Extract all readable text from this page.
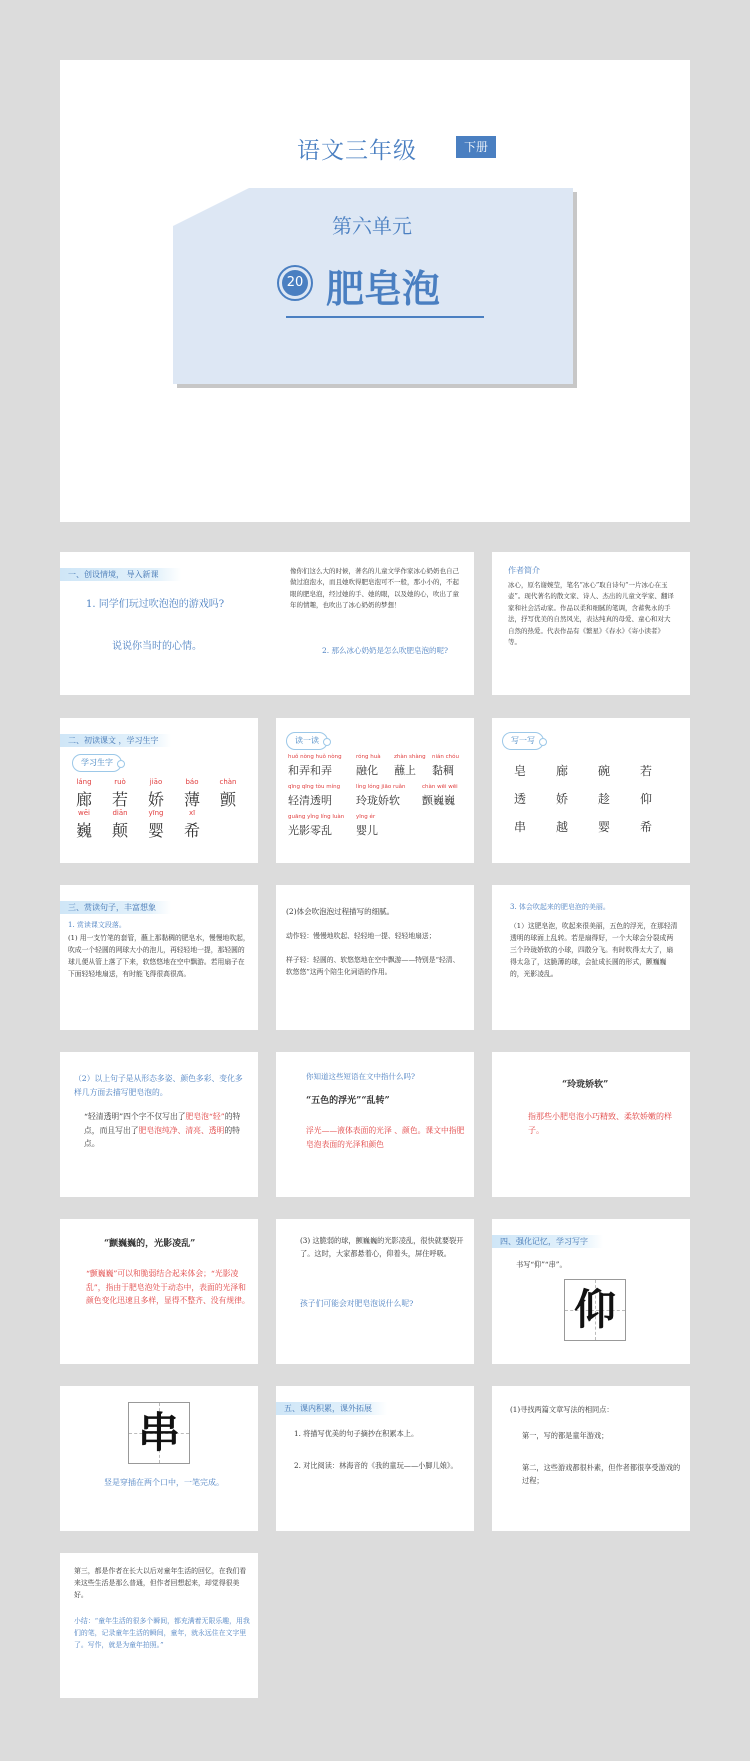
语文三年级	下册
第六单元
20 肥皂泡
一、创设情境， 导入新课
1. 同学们玩过吹泡泡的游戏吗?
说说你当时的心情。
像你们这么大的时候，著名的儿童文学作家冰心奶奶也自己做过泡泡水，而且她吹得肥皂泡可不一般，那小小的，不起眼的肥皂泡，经过她的手、她的眼，以及她的心，吹出了童年的情趣，也吹出了冰心奶奶的梦想！
2. 那么冰心奶奶是怎么吹肥皂泡的呢?
作者简介
冰心，原名谢婉莹，笔名“冰心”取自诗句“一片冰心在玉壶”。现代著名的散文家、诗人、杰出的儿童文学家、翻译家和社会活动家。作品以柔和细腻的笔调，含蓄隽永的手法，抒写优美的自然风光，表达纯真的母爱、童心和对大自然的热爱。代表作品有《繁星》《春水》《寄小读者》等。
二、初读课文 ，学习生字
学习生字
láng
廊
ruò
若
jiāo
娇
báo
薄
chàn
颤
wēi
巍
diān
颠
yīng
婴
xī
希
读一读
huǒ nòng huǒ nòng
和弄和弄
róng huà
融化
zhàn shàng
蘸上
nián chóu
黏稠
qīng qīng tòu míng
轻清透明
líng lóng jiāo ruǎn
玲珑娇软
chàn wēi wēi
颤巍巍
guāng yǐng líng luàn
光影零乱
yīng ér
婴儿
写一写
皂 廊 碗 若
透 娇 趁 仰
串 越 婴 希
三、赏读句子，丰富想象
1. 赏读课文段落。
(1) 用一支竹笔的套管，蘸上那黏稠的肥皂水，慢慢地吹起，吹成一个轻圆的网球大小的泡儿，再轻轻地一提，那轻圆的球儿便从管上落了下来，软悠悠地在空中飘游。若用扇子在下面轻轻地扇送，有时能飞得很高很高。
(2)体会吹泡泡过程描写的细腻。
动作轻：慢慢地吹起、轻轻地一提、轻轻地扇送；
样子轻：轻圆的、软悠悠地在空中飘游——特别是“轻清、软悠悠”这两个陪生化词语的作用。
3. 体会吹起来的肥皂泡的美丽。
（1）这肥皂泡，吹起来很美丽，五色的浮光，在那轻清透明的球面上乱转。若是扇得好，一个大球会分裂成两三个玲珑娇软的小球，四散分飞。有时吹得太大了，扇得太急了，这脆薄的球，会扯成长圆的形式，颤巍巍的，光影凌乱。
（2）以上句子是从形态多姿、颜色多彩、变化多样几方面去描写肥皂泡的。
“轻清透明”四个字不仅写出了肥皂泡“轻”的特点，而且写出了肥皂泡纯净、清亮、透明的特点。
你知道这些短语在文中指什么吗?
“五色的浮光”“乱转”
浮光——液体表面的光泽 、颜色。课文中指肥皂泡表面的光泽和颜色
“玲珑娇软”
指那些小肥皂泡小巧精致、柔软娇嫩的样子。
“颤巍巍的，光影凌乱”
“颤巍巍”可以和脆弱结合起来体会；“光影凌乱”，指由于肥皂泡处于动态中，表面的光泽和颜色变化迅速且多样，显得不整齐、没有规律。
(3) 这脆弱的球，颤巍巍的光影凌乱，很快就要裂开了。这时，大家都悬着心，仰着头，屏住呼吸。
孩子们可能会对肥皂泡说什么呢?
四、强化记忆，学习写字
书写“仰”“串”。
仰
串
竖是穿插在两个口中，一笔完成。
五、课内积累，课外拓展
1. 将描写优美的句子摘抄在积累本上。
2. 对比阅读：林海音的《我的童玩——小脚儿娘》。
(1)寻找两篇文章写法的相同点：
第一，写的都是童年游戏；
第二，这些游戏都很朴素，但作者都很享受游戏的过程；
第三，都是作者在长大以后对童年生活的回忆，在我们看来这些生活是那么普通，但作者回想起来，却觉得很美好。
小结：“童年生活的很多个瞬间，都充满着无限乐趣，用我们的笔，记录童年生活的瞬间，童年，就永远住在文字里了。写作，就是为童年拍照。”
